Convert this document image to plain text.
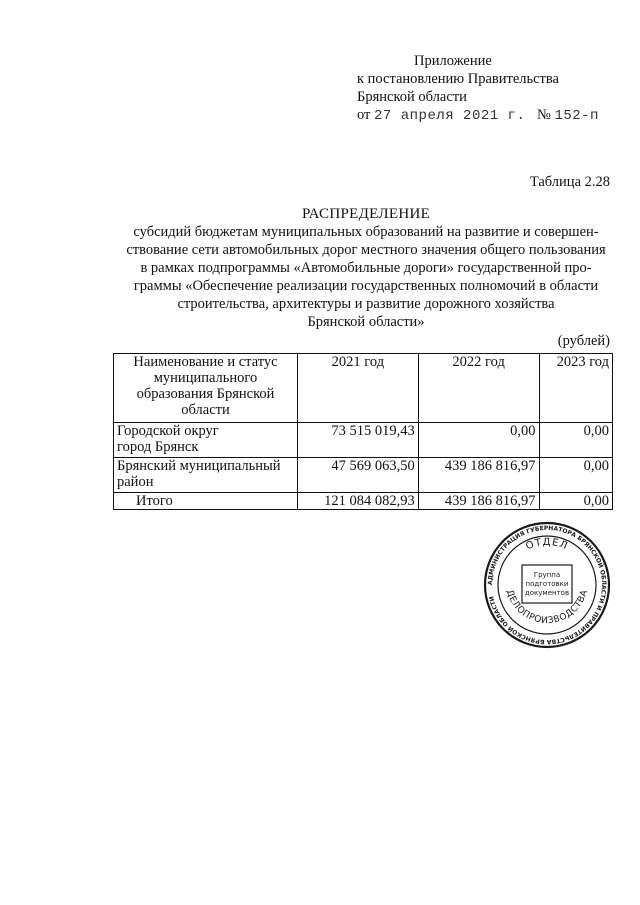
Приложение
к постановлению Правительства
Брянской области
от 27 апреля 2021 г. № 152-п
Таблица 2.28
РАСПРЕДЕЛЕНИЕ
субсидий бюджетам муниципальных образований на развитие и совершен-
ствование сети автомобильных дорог местного значения общего пользования
в рамках подпрограммы «Автомобильные дороги» государственной про-
граммы «Обеспечение реализации государственных полномочий в области
строительства, архитектуры и развитие дорожного хозяйства
Брянской области»
(рублей)
Наименование и статус
муниципального
образования Брянской
области	2021 год	2022 год	2023 год

Городской округ
город Брянск	73 515 019,43	0,00	0,00

Брянский муниципальный
район	47 569 063,50	439 186 816,97	0,00
Итого	121 084 082,93	439 186 816,97	0,00
АДМИНИСТРАЦИЯ ГУБЕРНАТОРА БРЯНСКОЙ ОБЛАСТИ И ПРАВИТЕЛЬСТВА БРЯНСКОЙ ОБЛАСТИ
ОТДЕЛ
ДЕЛОПРОИЗВОДСТВА
Группа
подготовки
документов
